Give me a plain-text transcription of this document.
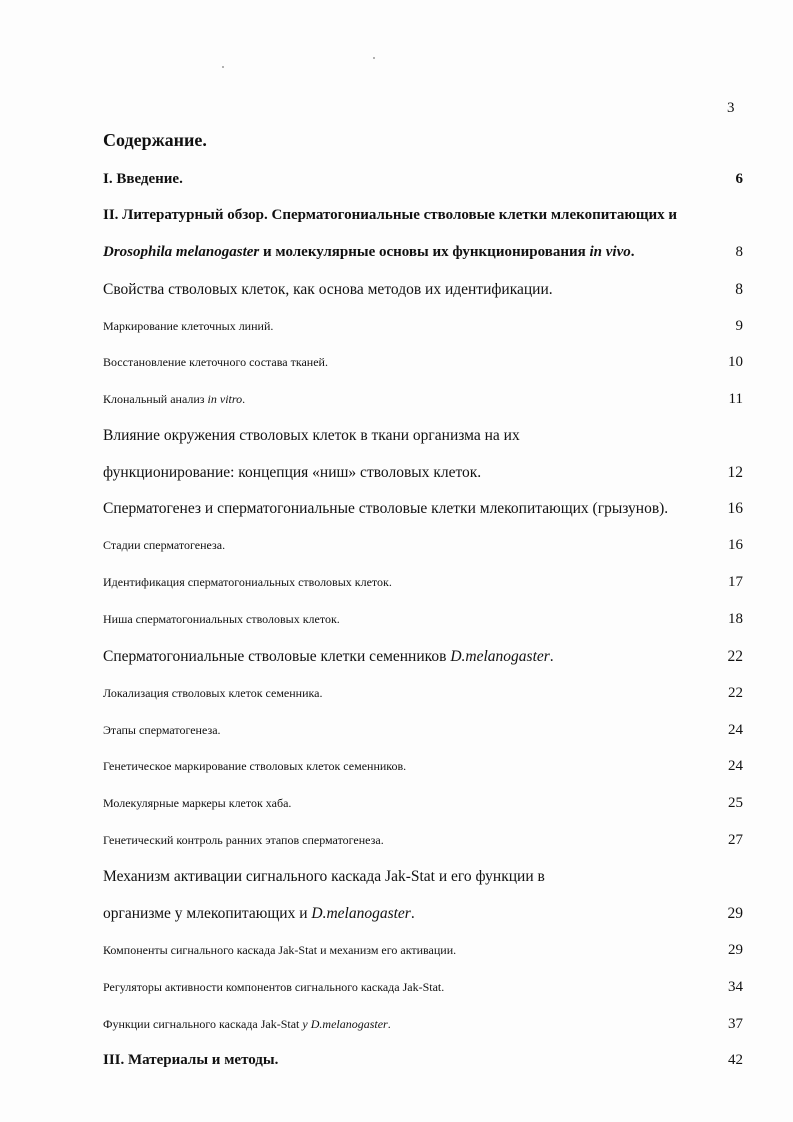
3
Содержание.
I. Введение.	6
II. Литературный обзор. Сперматогониальные стволовые клетки млекопитающих и
Drosophila melanogaster и молекулярные основы их функционирования in vivo.	8
Свойства стволовых клеток, как основа методов их идентификации.	8
Маркирование клеточных линий.	9
Восстановление клеточного состава тканей.	10
Клональный анализ in vitro.	11
Влияние окружения стволовых клеток в ткани организма на их
функционирование: концепция «ниш» стволовых клеток.	12
Сперматогенез и сперматогониальные стволовые клетки млекопитающих (грызунов).	16
Стадии сперматогенеза.	16
Идентификация сперматогониальных стволовых клеток.	17
Ниша сперматогониальных стволовых клеток.	18
Сперматогониальные стволовые клетки семенников D.melanogaster.	22
Локализация стволовых клеток семенника.	22
Этапы сперматогенеза.	24
Генетическое маркирование стволовых клеток семенников.	24
Молекулярные маркеры клеток хаба.	25
Генетический контроль ранних этапов сперматогенеза.	27
Механизм активации сигнального каскада Jak-Stat и его функции в
организме у млекопитающих и D.melanogaster.	29
Компоненты сигнального каскада Jak-Stat и механизм его активации.	29
Регуляторы активности компонентов сигнального каскада Jak-Stat.	34
Функции сигнального каскада Jak-Stat у D.melanogaster.	37
III. Материалы и методы.	42
